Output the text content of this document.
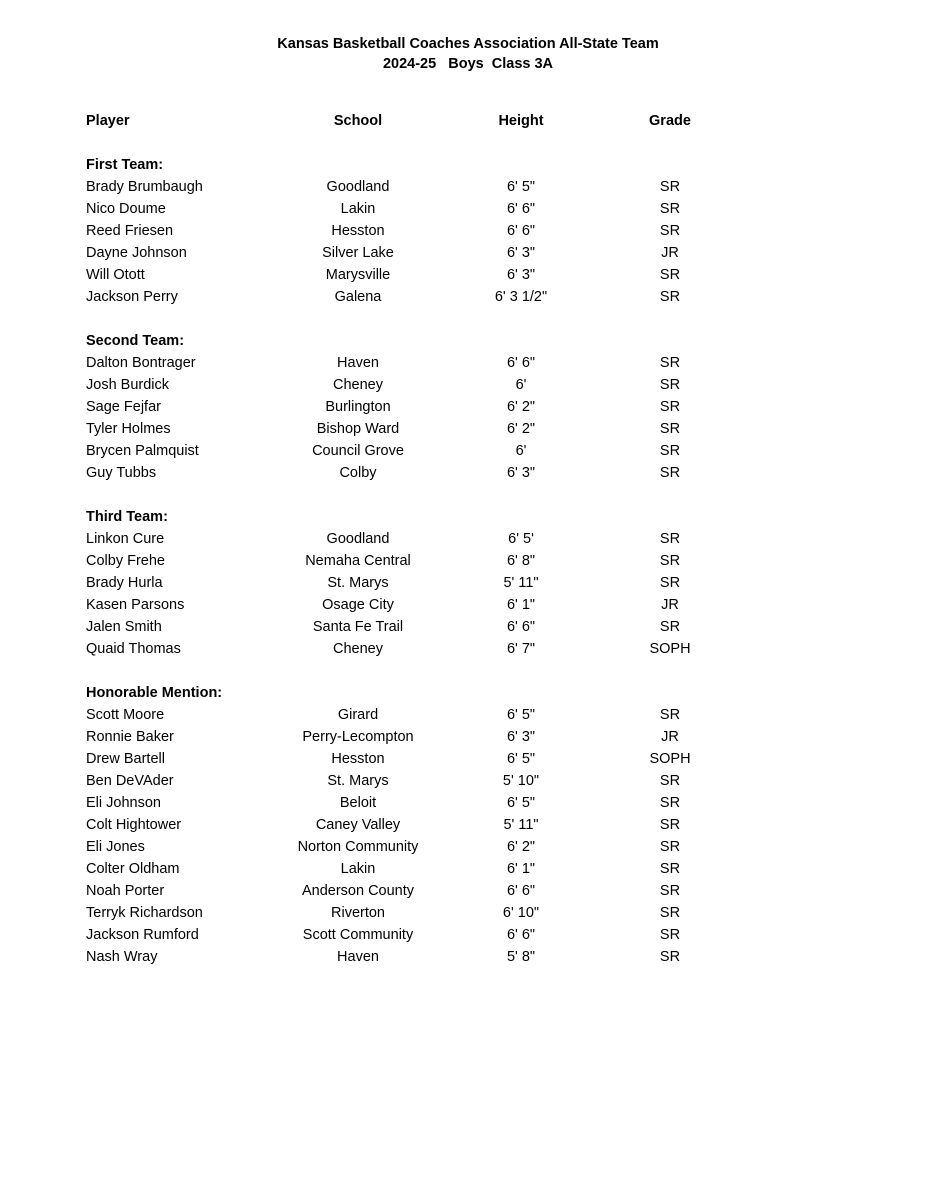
Kansas Basketball Coaches Association All-State Team
2024-25   Boys  Class 3A
Player	School	Height	Grade
First Team:
Brady Brumbaugh	Goodland	6' 5"	SR
Nico Doume	Lakin	6' 6"	SR
Reed Friesen	Hesston	6' 6"	SR
Dayne Johnson	Silver Lake	6' 3"	JR
Will Otott	Marysville	6' 3"	SR
Jackson Perry	Galena	6' 3 1/2"	SR
Second Team:
Dalton Bontrager	Haven	6' 6"	SR
Josh Burdick	Cheney	6'	SR
Sage Fejfar	Burlington	6' 2"	SR
Tyler Holmes	Bishop Ward	6' 2"	SR
Brycen Palmquist	Council Grove	6'	SR
Guy Tubbs	Colby	6' 3"	SR
Third Team:
Linkon Cure	Goodland	6' 5'	SR
Colby Frehe	Nemaha Central	6' 8"	SR
Brady Hurla	St. Marys	5' 11"	SR
Kasen Parsons	Osage City	6' 1"	JR
Jalen Smith	Santa Fe Trail	6' 6"	SR
Quaid Thomas	Cheney	6' 7"	SOPH
Honorable Mention:
Scott Moore	Girard	6' 5"	SR
Ronnie Baker	Perry-Lecompton	6' 3"	JR
Drew Bartell	Hesston	6' 5"	SOPH
Ben DeVAder	St. Marys	5' 10"	SR
Eli Johnson	Beloit	6' 5"	SR
Colt Hightower	Caney Valley	5' 11"	SR
Eli Jones	Norton Community	6' 2"	SR
Colter Oldham	Lakin	6' 1"	SR
Noah Porter	Anderson County	6' 6"	SR
Terryk Richardson	Riverton	6' 10"	SR
Jackson Rumford	Scott Community	6' 6"	SR
Nash Wray	Haven	5' 8"	SR
